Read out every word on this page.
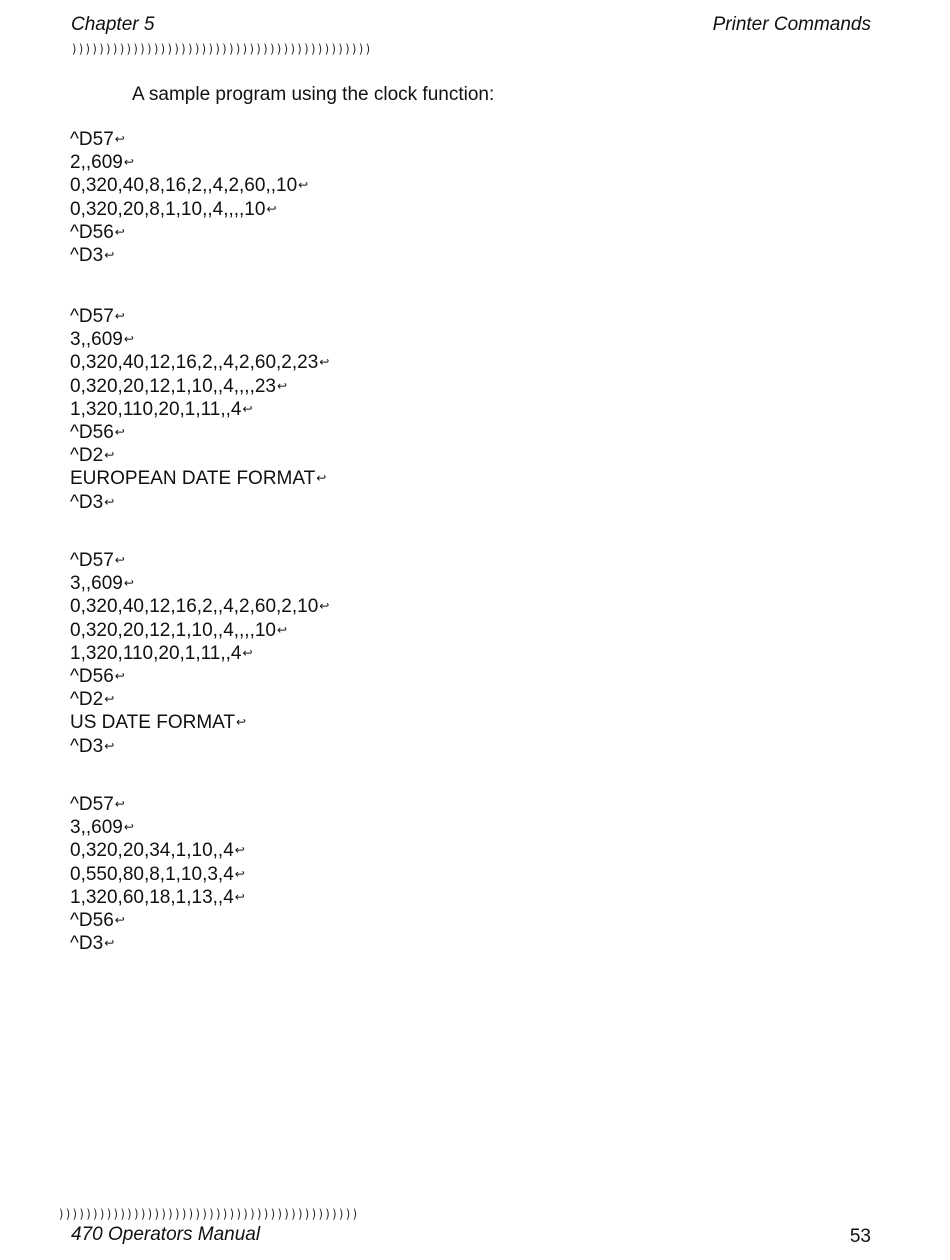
Chapter 5	Printer Commands
))))))))))))))))))))))))))))))))))))))))))))
A sample program using the clock function:
^D57↩
2,,609↩
0,320,40,8,16,2,,4,2,60,,10↩
0,320,20,8,1,10,,4,,,,10↩
^D56↩
^D3↩
^D57↩
3,,609↩
0,320,40,12,16,2,,4,2,60,2,23↩
0,320,20,12,1,10,,4,,,,23↩
1,320,110,20,1,11,,4↩
^D56↩
^D2↩
EUROPEAN DATE FORMAT↩
^D3↩
^D57↩
3,,609↩
0,320,40,12,16,2,,4,2,60,2,10↩
0,320,20,12,1,10,,4,,,,10↩
1,320,110,20,1,11,,4↩
^D56↩
^D2↩
US DATE FORMAT↩
^D3↩
^D57↩
3,,609↩
0,320,20,34,1,10,,4↩
0,550,80,8,1,10,3,4↩
1,320,60,18,1,13,,4↩
^D56↩
^D3↩
))))))))))))))))))))))))))))))))))))))))))))
470 Operators Manual	53
